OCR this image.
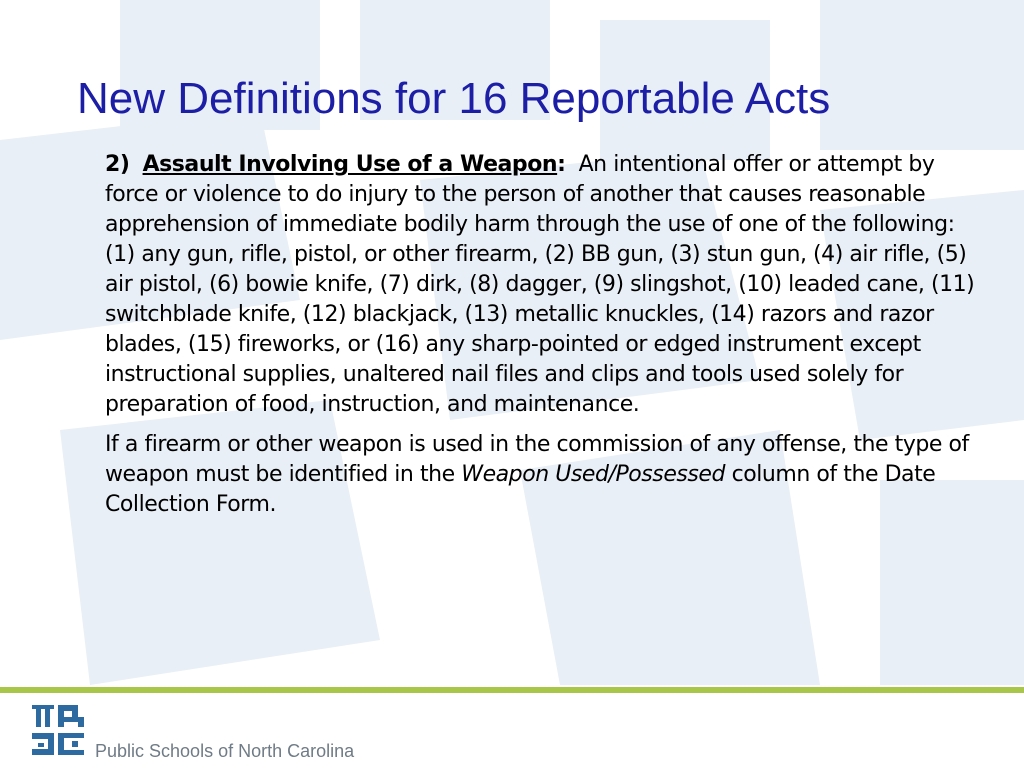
New Definitions for 16 Reportable Acts

2) Assault Involving Use of a Weapon: An intentional offer or attempt by force or violence to do injury to the person of another that causes reasonable apprehension of immediate bodily harm through the use of one of the following: (1) any gun, rifle, pistol, or other firearm, (2) BB gun, (3) stun gun, (4) air rifle, (5) air pistol, (6) bowie knife, (7) dirk, (8) dagger, (9) slingshot, (10) leaded cane, (11) switchblade knife, (12) blackjack, (13) metallic knuckles, (14) razors and razor blades, (15) fireworks, or (16) any sharp-pointed or edged instrument except instructional supplies, unaltered nail files and clips and tools used solely for preparation of food, instruction, and maintenance.

If a firearm or other weapon is used in the commission of any offense, the type of weapon must be identified in the Weapon Used/Possessed column of the Date Collection Form.

Public Schools of North Carolina
